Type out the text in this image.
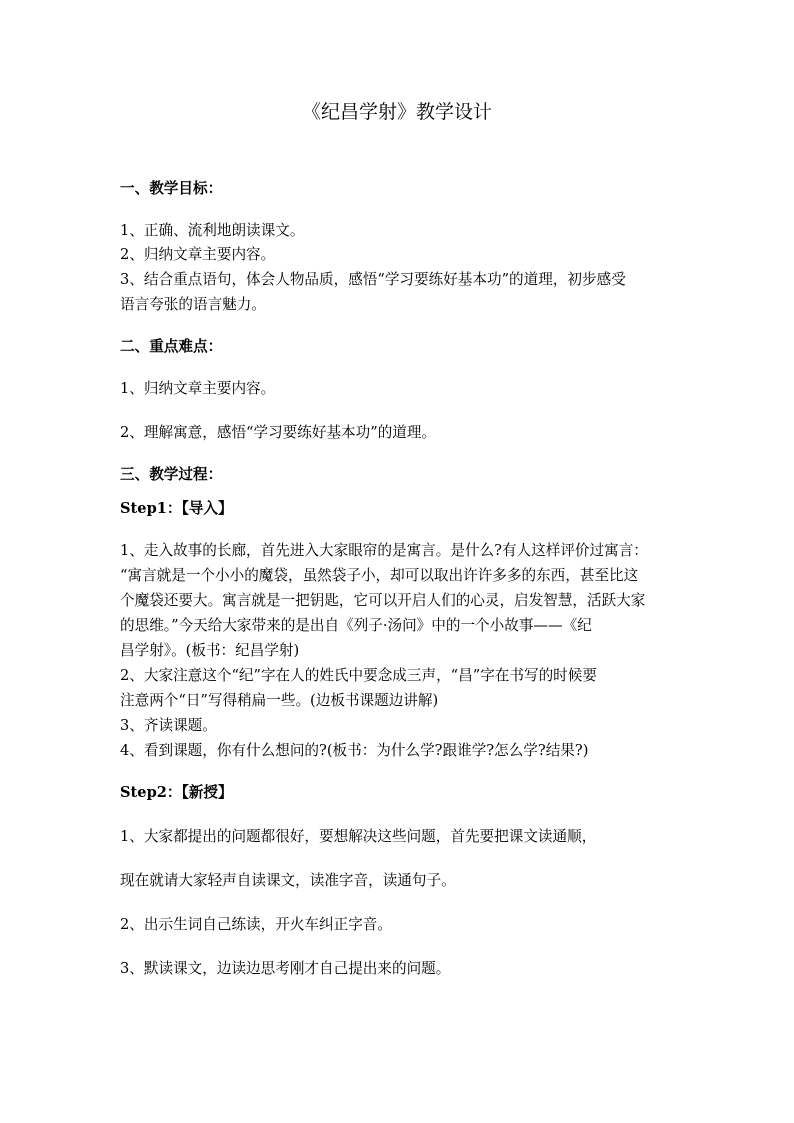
《纪昌学射》教学设计
一、教学目标：
1、正确、流利地朗读课文。
2、归纳文章主要内容。
3、结合重点语句，体会人物品质，感悟“学习要练好基本功”的道理，初步感受
语言夸张的语言魅力。
二、重点难点：
1、归纳文章主要内容。
2、理解寓意，感悟“学习要练好基本功”的道理。
三、教学过程：
Step1：【导入】
1、走入故事的长廊，首先进入大家眼帘的是寓言。是什么?有人这样评价过寓言：
“寓言就是一个小小的魔袋，虽然袋子小，却可以取出许许多多的东西，甚至比这
个魔袋还要大。寓言就是一把钥匙，它可以开启人们的心灵，启发智慧，活跃大家
的思维。”今天给大家带来的是出自《列子·汤问》中的一个小故事——《纪
昌学射》。(板书：纪昌学射)
2、大家注意这个“纪”字在人的姓氏中要念成三声，“昌”字在书写的时候要
注意两个“日”写得稍扁一些。(边板书课题边讲解)
3、齐读课题。
4、看到课题，你有什么想问的?(板书：为什么学?跟谁学?怎么学?结果?)
Step2：【新授】
1、大家都提出的问题都很好，要想解决这些问题，首先要把课文读通顺，
现在就请大家轻声自读课文，读准字音，读通句子。
2、出示生词自己练读，开火车纠正字音。
3、默读课文，边读边思考刚才自己提出来的问题。
